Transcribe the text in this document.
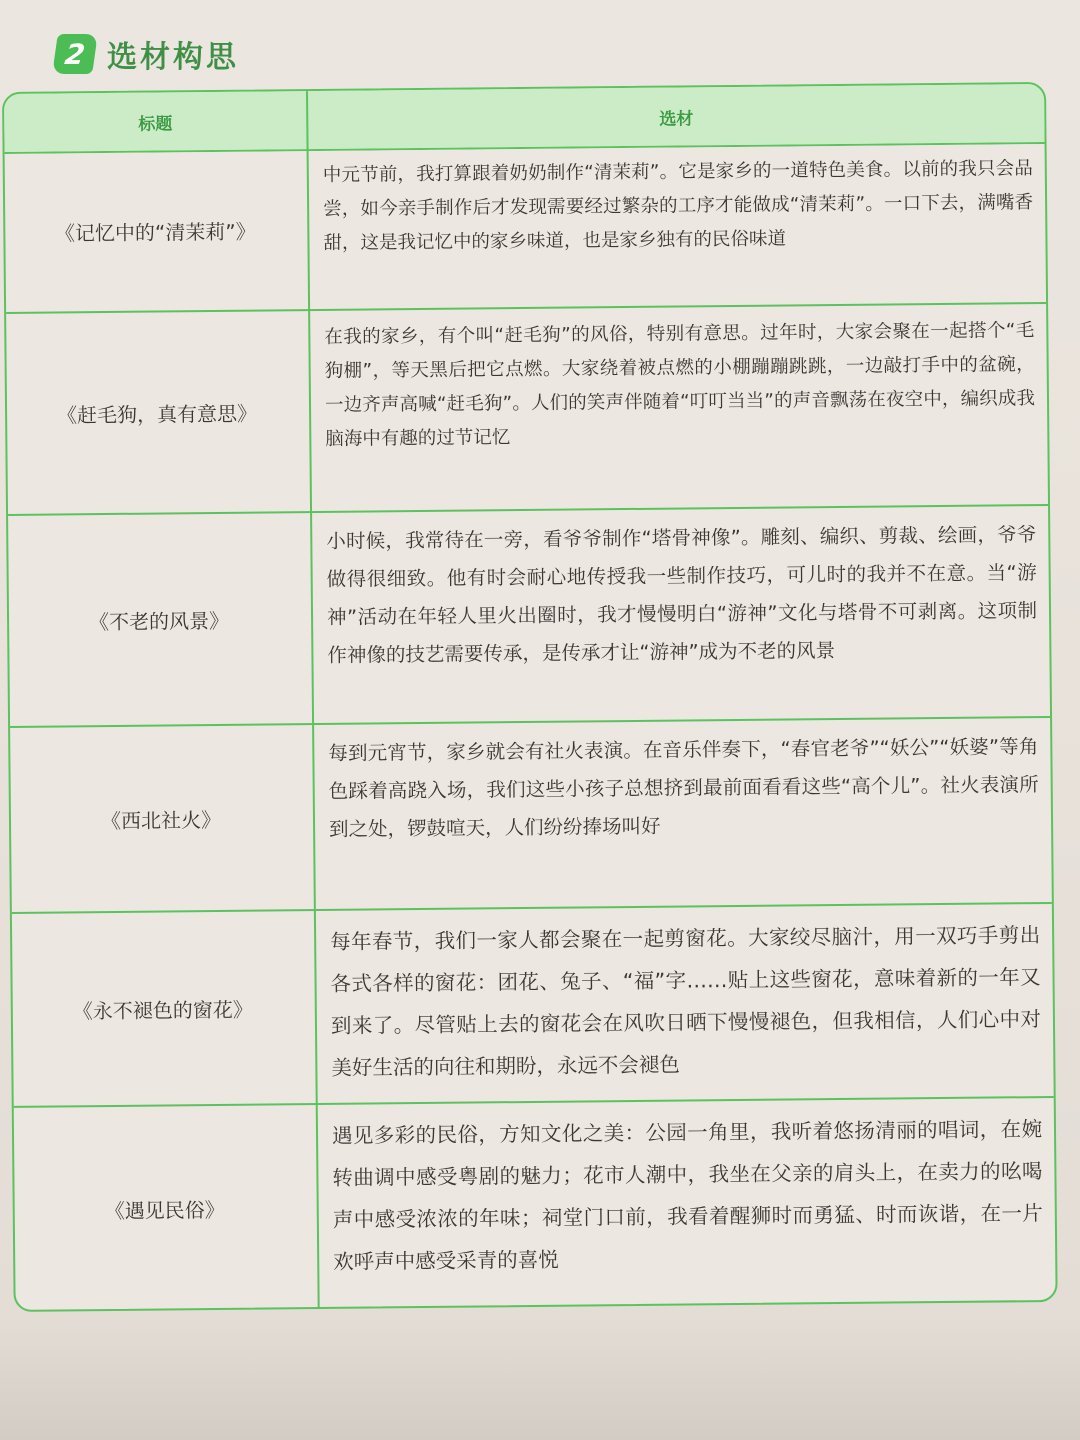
2 选材构思
标题	选材
《记忆中的“清茉莉”》
中元节前，我打算跟着奶奶制作“清茉莉”。它是家乡的一道特色美食。以前的我只会品尝，如今亲手制作后才发现需要经过繁杂的工序才能做成“清茉莉”。一口下去，满嘴香甜，这是我记忆中的家乡味道，也是家乡独有的民俗味道
《赶毛狗，真有意思》
在我的家乡，有个叫“赶毛狗”的风俗，特别有意思。过年时，大家会聚在一起搭个“毛狗棚”，等天黑后把它点燃。大家绕着被点燃的小棚蹦蹦跳跳，一边敲打手中的盆碗，一边齐声高喊“赶毛狗”。人们的笑声伴随着“叮叮当当”的声音飘荡在夜空中，编织成我脑海中有趣的过节记忆
《不老的风景》
小时候，我常待在一旁，看爷爷制作“塔骨神像”。雕刻、编织、剪裁、绘画，爷爷做得很细致。他有时会耐心地传授我一些制作技巧，可儿时的我并不在意。当“游神”活动在年轻人里火出圈时，我才慢慢明白“游神”文化与塔骨不可剥离。这项制作神像的技艺需要传承，是传承才让“游神”成为不老的风景
《西北社火》
每到元宵节，家乡就会有社火表演。在音乐伴奏下，“春官老爷”“妖公”“妖婆”等角色踩着高跷入场，我们这些小孩子总想挤到最前面看看这些“高个儿”。社火表演所到之处，锣鼓喧天，人们纷纷捧场叫好
《永不褪色的窗花》
每年春节，我们一家人都会聚在一起剪窗花。大家绞尽脑汁，用一双巧手剪出各式各样的窗花：团花、兔子、“福”字……贴上这些窗花，意味着新的一年又到来了。尽管贴上去的窗花会在风吹日晒下慢慢褪色，但我相信，人们心中对美好生活的向往和期盼，永远不会褪色
《遇见民俗》
遇见多彩的民俗，方知文化之美：公园一角里，我听着悠扬清丽的唱词，在婉转曲调中感受粤剧的魅力；花市人潮中，我坐在父亲的肩头上，在卖力的吆喝声中感受浓浓的年味；祠堂门口前，我看着醒狮时而勇猛、时而诙谐，在一片欢呼声中感受采青的喜悦
